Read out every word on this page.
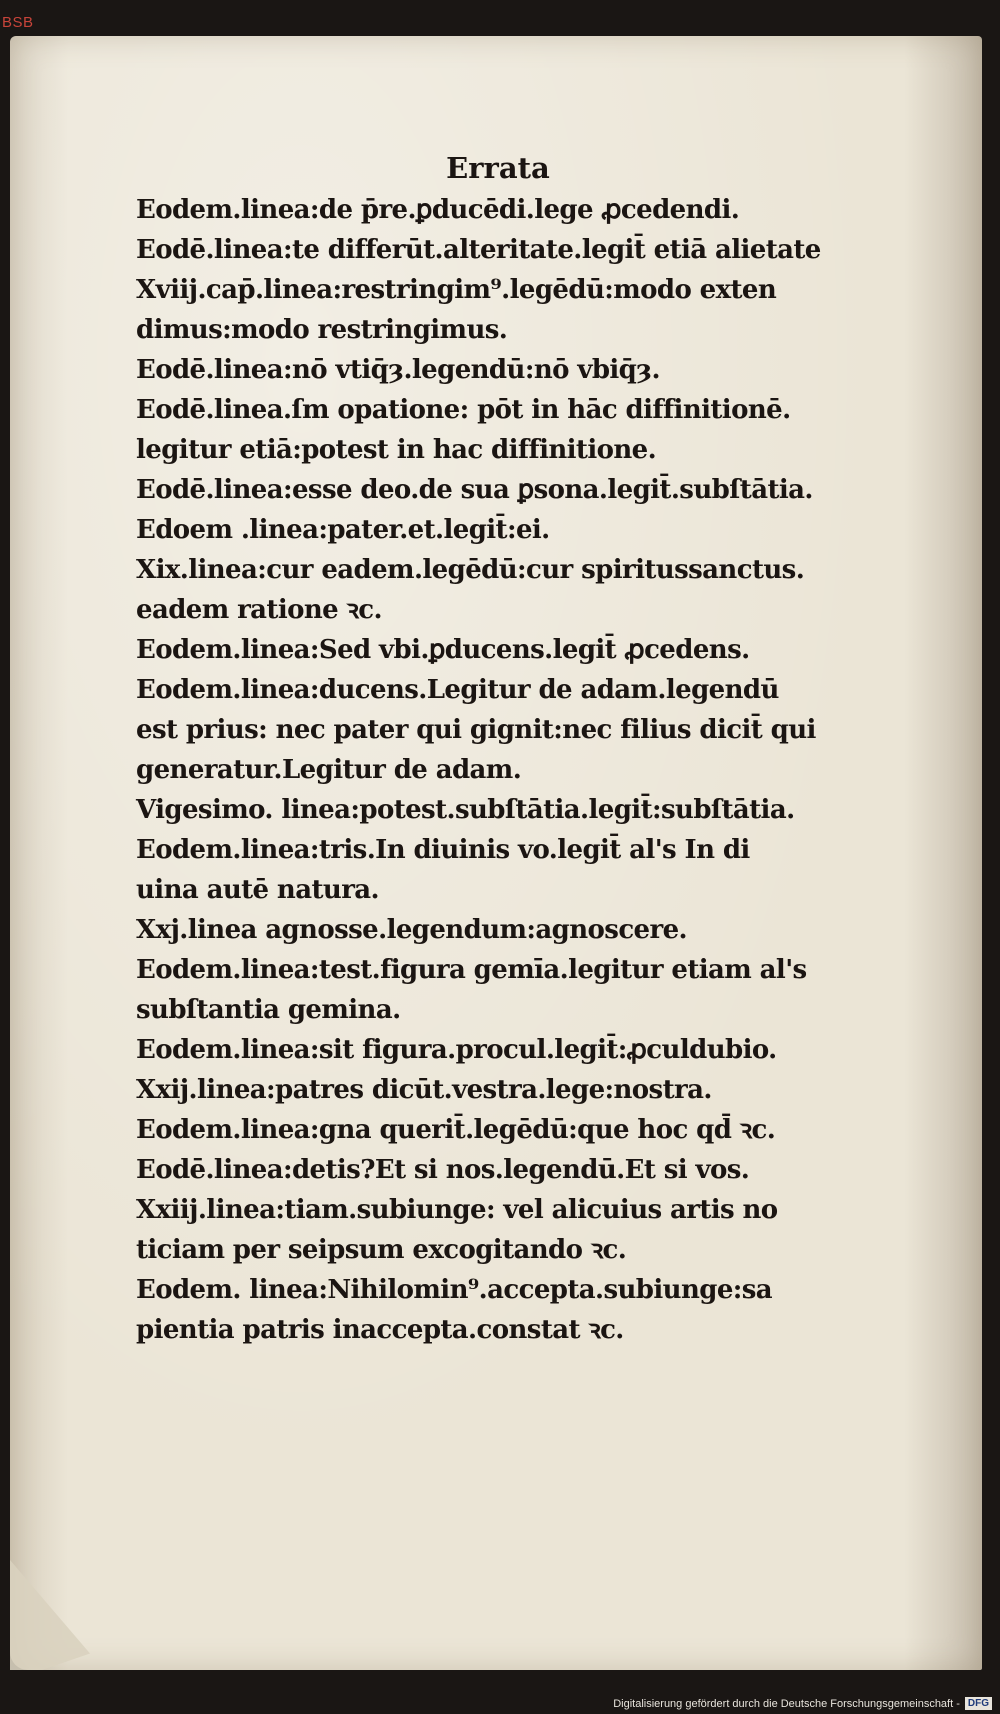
BSB
Errata
Eodem.linea:de p̄re.ꝑducēdi.lege ꝓcedendi.
Eodē.linea:te differūt.alteritate.legit̄ etiā alietate
Xviij.cap̄.linea:restringim⁹.legēdū:modo exten
dimus:modo restringimus.
Eodē.linea:nō vtiq̄ȝ.legendū:nō vbiq̄ȝ.
Eodē.linea.ſm opatione: pōt in hāc diffinitionē.
legitur etiā:potest in hac diffinitione.
Eodē.linea:esse deo.de sua ꝑsona.legit̄.subſtātia.
Edoem .linea:pater.et.legit̄:ei.
Xix.linea:cur eadem.legēdū:cur spiritussanctus.
eadem ratione ꝛc.
Eodem.linea:Sed vbi.ꝑducens.legit̄ ꝓcedens.
Eodem.linea:ducens.Legitur de adam.legendū
est prius: nec pater qui gignit:nec filius dicit̄ qui
generatur.Legitur de adam.
Vigesimo. linea:potest.subſtātia.legit̄:subſtātia.
Eodem.linea:tris.In diuinis vo.legit̄ al's In di
uina autē natura.
Xxj.linea agnosse.legendum:agnoscere.
Eodem.linea:test.figura gemīa.legitur etiam al's
subſtantia gemina.
Eodem.linea:sit figura.procul.legit̄:ꝓculdubio.
Xxij.linea:patres dicūt.vestra.lege:nostra.
Eodem.linea:gna querit̄.legēdū:que hoc qd̄ ꝛc.
Eodē.linea:detis?Et si nos.legendū.Et si vos.
Xxiij.linea:tiam.subiunge: vel alicuius artis no
ticiam per seipsum excogitando ꝛc.
Eodem. linea:Nihilomin⁹.accepta.subiunge:sa
pientia patris inaccepta.constat ꝛc.
Digitalisierung gefördert durch die Deutsche Forschungsgemeinschaft - DFG
